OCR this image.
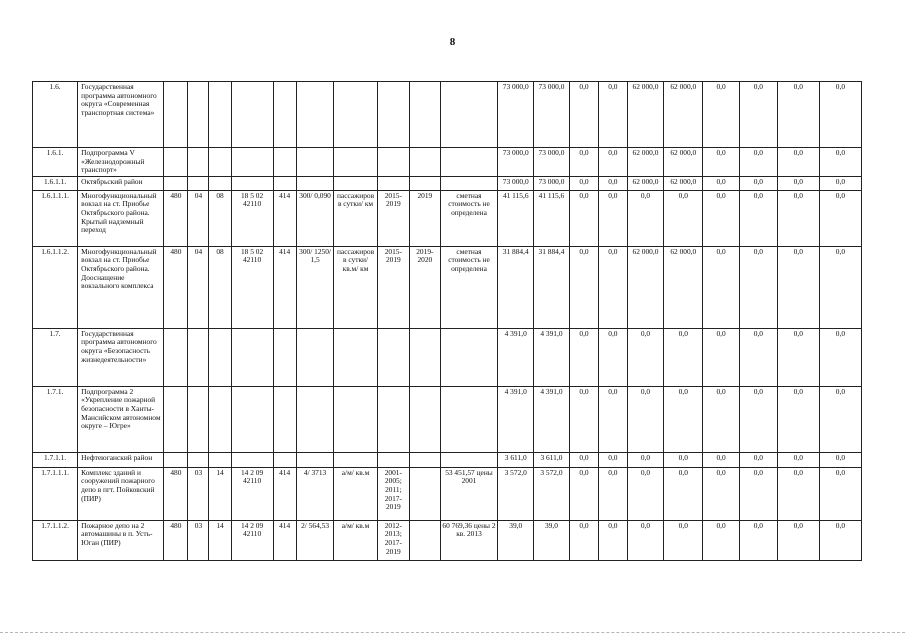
8
1.6.	Государственная программа автономного округа «Современная транспортная система»											73 000,0	73 000,0	0,0	0,0	62 000,0	62 000,0	0,0	0,0	0,0	0,0
1.6.1.	Подпрограмма V «Железнодорожный транспорт»											73 000,0	73 000,0	0,0	0,0	62 000,0	62 000,0	0,0	0,0	0,0	0,0
1.6.1.1.	Октябрьский район											73 000,0	73 000,0	0,0	0,0	62 000,0	62 000,0	0,0	0,0	0,0	0,0
1.6.1.1.1.	Многофункциональный вокзал на ст. Приобье Октябрьского района. Крытый надземный переход	480	04	08	18 5 02 42110	414	300/ 0,090	пассажиров в сутки/ км	2015-2019	2019	сметная стоимость не определена	41 115,6	41 115,6	0,0	0,0	0,0	0,0	0,0	0,0	0,0	0,0
1.6.1.1.2.	Многофункциональный вокзал на ст. Приобье Октябрьского района. Дооснащение вокзального комплекса	480	04	08	18 5 02 42110	414	300/ 1250/ 1,5	пассажиров в сутки/ кв.м/ км	2015-2019	2019-2020	сметная стоимость не определена	31 884,4	31 884,4	0,0	0,0	62 000,0	62 000,0	0,0	0,0	0,0	0,0
1.7.	Государственная программа автономного округа «Безопасность жизнедеятельности»											4 391,0	4 391,0	0,0	0,0	0,0	0,0	0,0	0,0	0,0	0,0
1.7.1.	Подпрограмма 2 «Укрепление пожарной безопасности в Ханты-Мансийском автономном округе – Югре»											4 391,0	4 391,0	0,0	0,0	0,0	0,0	0,0	0,0	0,0	0,0
1.7.1.1.	Нефтеюганский район											3 611,0	3 611,0	0,0	0,0	0,0	0,0	0,0	0,0	0,0	0,0
1.7.1.1.1.	Комплекс зданий и сооружений пожарного депо в пгт. Пойковский (ПИР)	480	03	14	14 2 09 42110	414	4/ 3713	а/м/ кв.м	2001-2005; 2011; 2017-2019		53 451,57 цены 2001	3 572,0	3 572,0	0,0	0,0	0,0	0,0	0,0	0,0	0,0	0,0
1.7.1.1.2.	Пожарное депо на 2 автомашины в п. Усть-Юган (ПИР)	480	03	14	14 2 09 42110	414	2/ 564,53	а/м/ кв.м	2012-2013; 2017-2019		60 769,36 цены 2 кв. 2013	39,0	39,0	0,0	0,0	0,0	0,0	0,0	0,0	0,0	0,0
